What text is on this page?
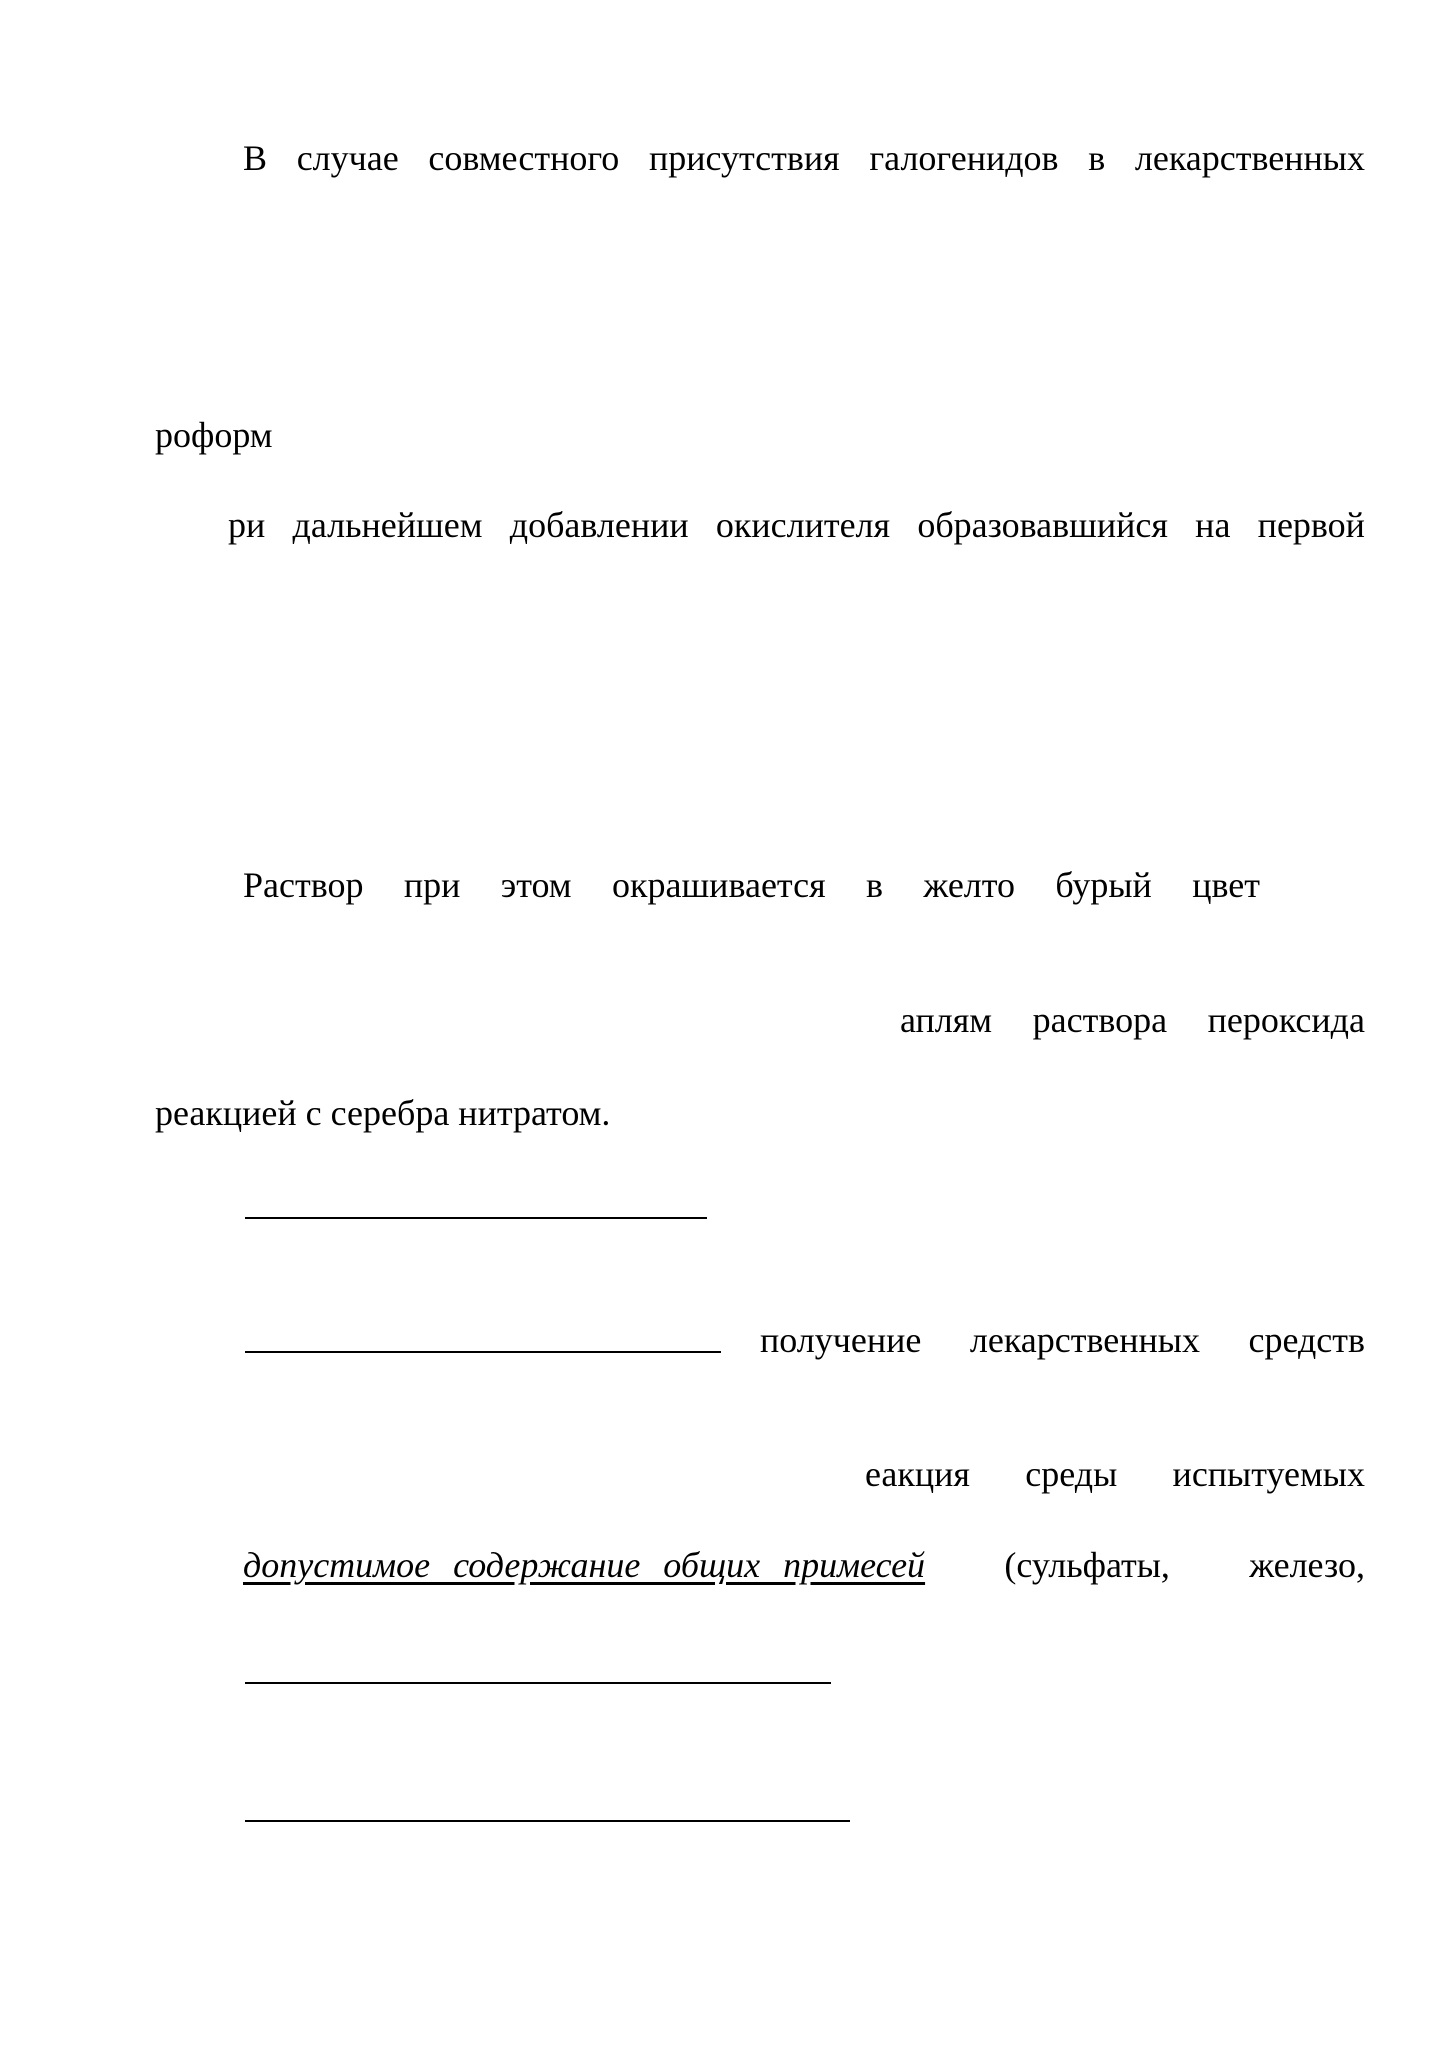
В случае совместного присутствия галогенидов в лекарственных
роформ
ри дальнейшем добавлении окислителя образовавшийся на первой
Раствор при этом окрашивается в желто бурый цвет
аплям раствора пероксида
реакцией с серебра нитратом.
получение лекарственных средств
еакция среды испытуемых
допустимое содержание общих примесей (сульфаты, железо,
